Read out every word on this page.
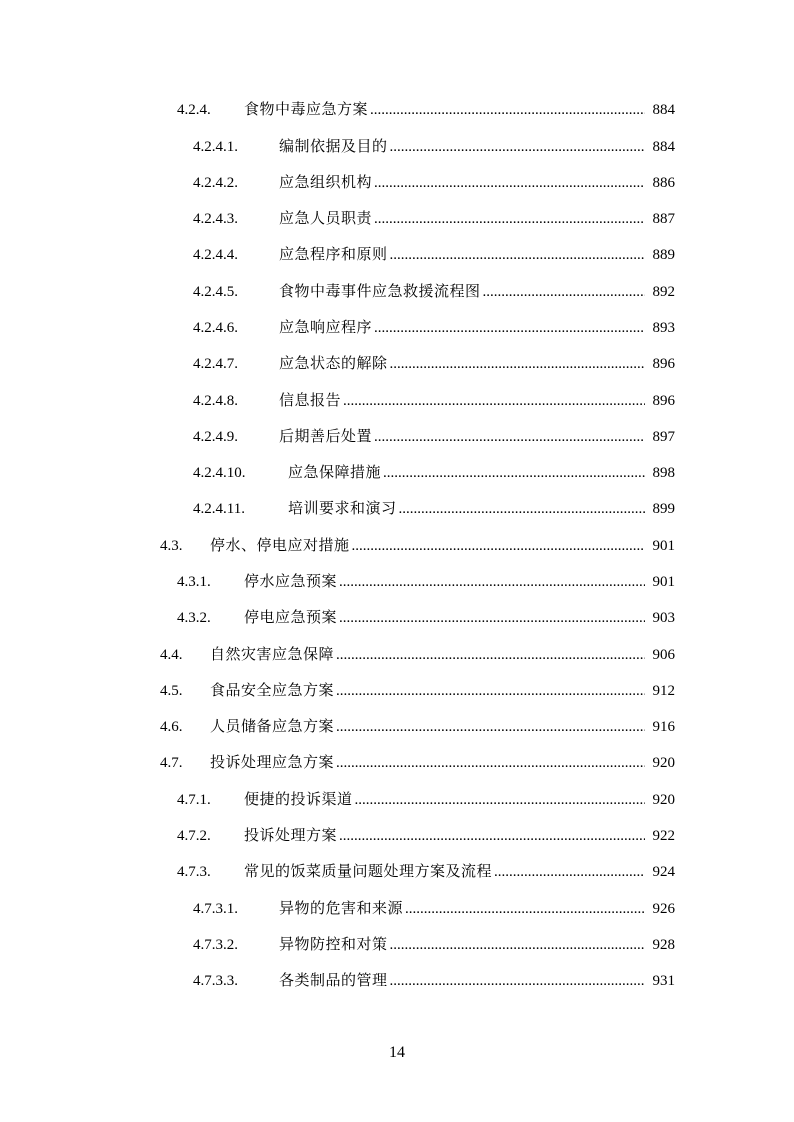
4.2.4.	食物中毒应急方案 .....	884
4.2.4.1.	编制依据及目的 .....	884
4.2.4.2.	应急组织机构 .....	886
4.2.4.3.	应急人员职责 .....	887
4.2.4.4.	应急程序和原则 .....	889
4.2.4.5.	食物中毒事件应急救援流程图 .....	892
4.2.4.6.	应急响应程序 .....	893
4.2.4.7.	应急状态的解除 .....	896
4.2.4.8.	信息报告 .....	896
4.2.4.9.	后期善后处置 .....	897
4.2.4.10.	应急保障措施 .....	898
4.2.4.11.	培训要求和演习 .....	899
4.3.	停水、停电应对措施 .....	901
4.3.1.	停水应急预案 .....	901
4.3.2.	停电应急预案 .....	903
4.4.	自然灾害应急保障 .....	906
4.5.	食品安全应急方案 .....	912
4.6.	人员储备应急方案 .....	916
4.7.	投诉处理应急方案 .....	920
4.7.1.	便捷的投诉渠道 .....	920
4.7.2.	投诉处理方案 .....	922
4.7.3.	常见的饭菜质量问题处理方案及流程 .....	924
4.7.3.1.	异物的危害和来源 .....	926
4.7.3.2.	异物防控和对策 .....	928
4.7.3.3.	各类制品的管理 .....	931
14
